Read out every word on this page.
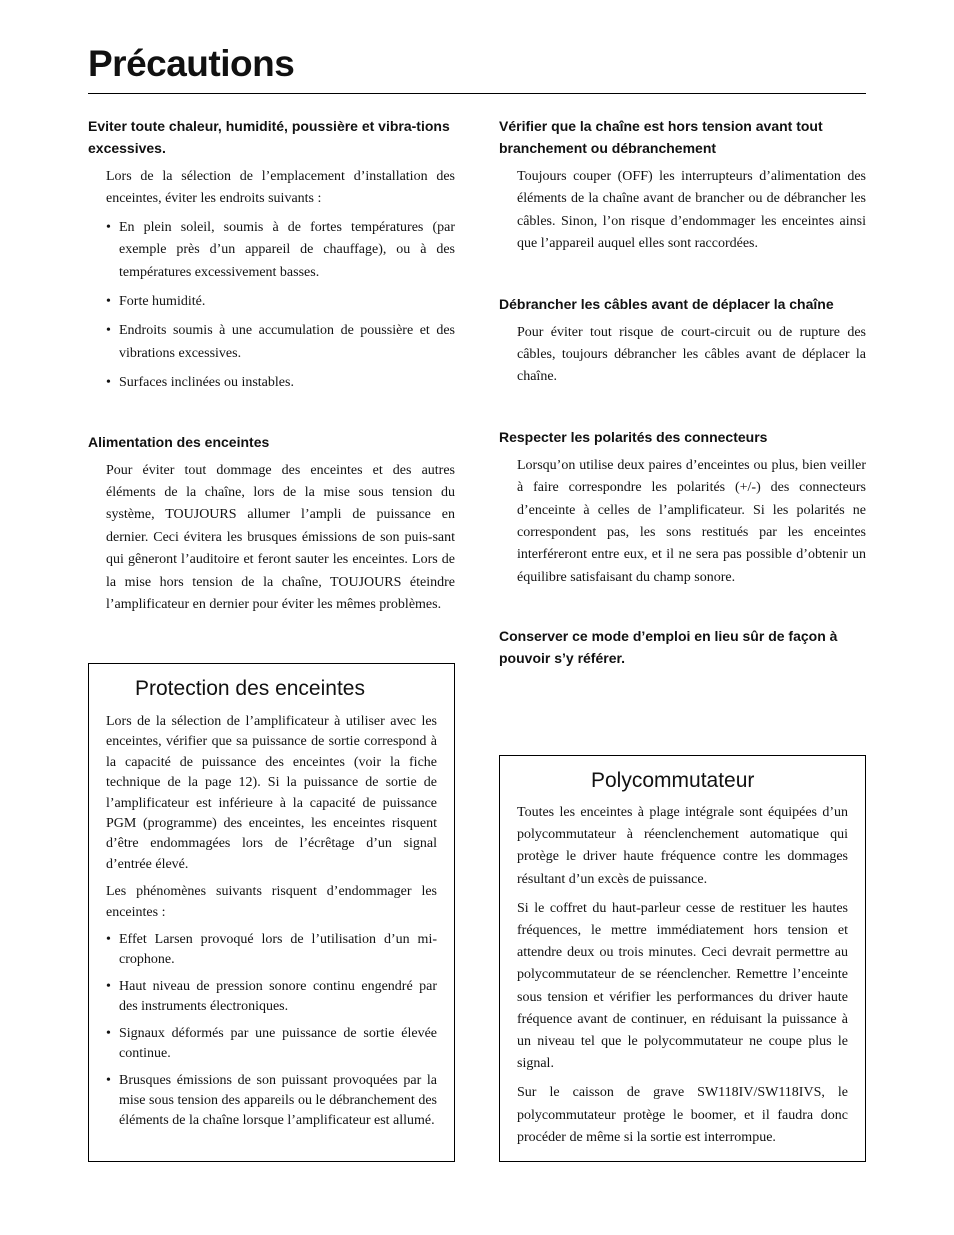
Précautions
Eviter toute chaleur, humidité, poussière et vibra-tions excessives.

Lors de la sélection de l’emplacement d’installation des enceintes, éviter les endroits suivants :

• En plein soleil, soumis à de fortes températures (par exemple près d’un appareil de chauffage), ou à des températures excessivement basses.
• Forte humidité.
• Endroits soumis à une accumulation de poussière et des vibrations excessives.
• Surfaces inclinées ou instables.
Alimentation des enceintes

Pour éviter tout dommage des enceintes et des autres éléments de la chaîne, lors de la mise sous tension du système, TOUJOURS allumer l’ampli de puissance en dernier. Ceci évitera les brusques émissions de son puis-sant qui gêneront l’auditoire et feront sauter les enceintes. Lors de la mise hors tension de la chaîne, TOUJOURS éteindre l’amplificateur en dernier pour éviter les mêmes problèmes.

Vérifier que la chaîne est hors tension avant tout branchement ou débranchement

Toujours couper (OFF) les interrupteurs d’alimentation des éléments de la chaîne avant de brancher ou de débrancher les câbles. Sinon, l’on risque d’endommager les enceintes ainsi que l’appareil auquel elles sont raccordées.

Débrancher les câbles avant de déplacer la chaîne

Pour éviter tout risque de court-circuit ou de rupture des câbles, toujours débrancher les câbles avant de déplacer la chaîne.

Respecter les polarités des connecteurs

Lorsqu’on utilise deux paires d’enceintes ou plus, bien veiller à faire correspondre les polarités (+/-) des connecteurs d’enceinte à celles de l’amplificateur. Si les polarités ne correspondent pas, les sons restitués par les enceintes interféreront entre eux, et il ne sera pas possible d’obtenir un équilibre satisfaisant du champ sonore.

Conserver ce mode d’emploi en lieu sûr de façon à pouvoir s’y référer.
Protection des enceintes

Lors de la sélection de l’amplificateur à utiliser avec les enceintes, vérifier que sa puissance de sortie correspond à la capacité de puissance des enceintes (voir la fiche technique de la page 12). Si la puissance de sortie de l’amplificateur est inférieure à la capacité de puissance PGM (programme) des enceintes, les enceintes risquent d’être endommagées lors de l’écrêtage d’un signal d’entrée élevé.

Les phénomènes suivants risquent d’endommager les enceintes :

• Effet Larsen provoqué lors de l’utilisation d’un mi-crophone.
• Haut niveau de pression sonore continu engendré par des instruments électroniques.
• Signaux déformés par une puissance de sortie élevée continue.
• Brusques émissions de son puissant provoquées par la mise sous tension des appareils ou le débranchement des éléments de la chaîne lorsque l’amplificateur est allumé.
Polycommutateur

Toutes les enceintes à plage intégrale sont équipées d’un polycommutateur à réenclenchement automatique qui protège le driver haute fréquence contre les dommages résultant d’un excès de puissance.

Si le coffret du haut-parleur cesse de restituer les hautes fréquences, le mettre immédiatement hors tension et attendre deux ou trois minutes. Ceci devrait permettre au polycommutateur de se réenclencher. Remettre l’enceinte sous tension et vérifier les performances du driver haute fréquence avant de continuer, en réduisant la puissance à un niveau tel que le polycommutateur ne coupe plus le signal.

Sur le caisson de grave SW118IV/SW118IVS, le polycommutateur protège le boomer, et il faudra donc procéder de même si la sortie est interrompue.
